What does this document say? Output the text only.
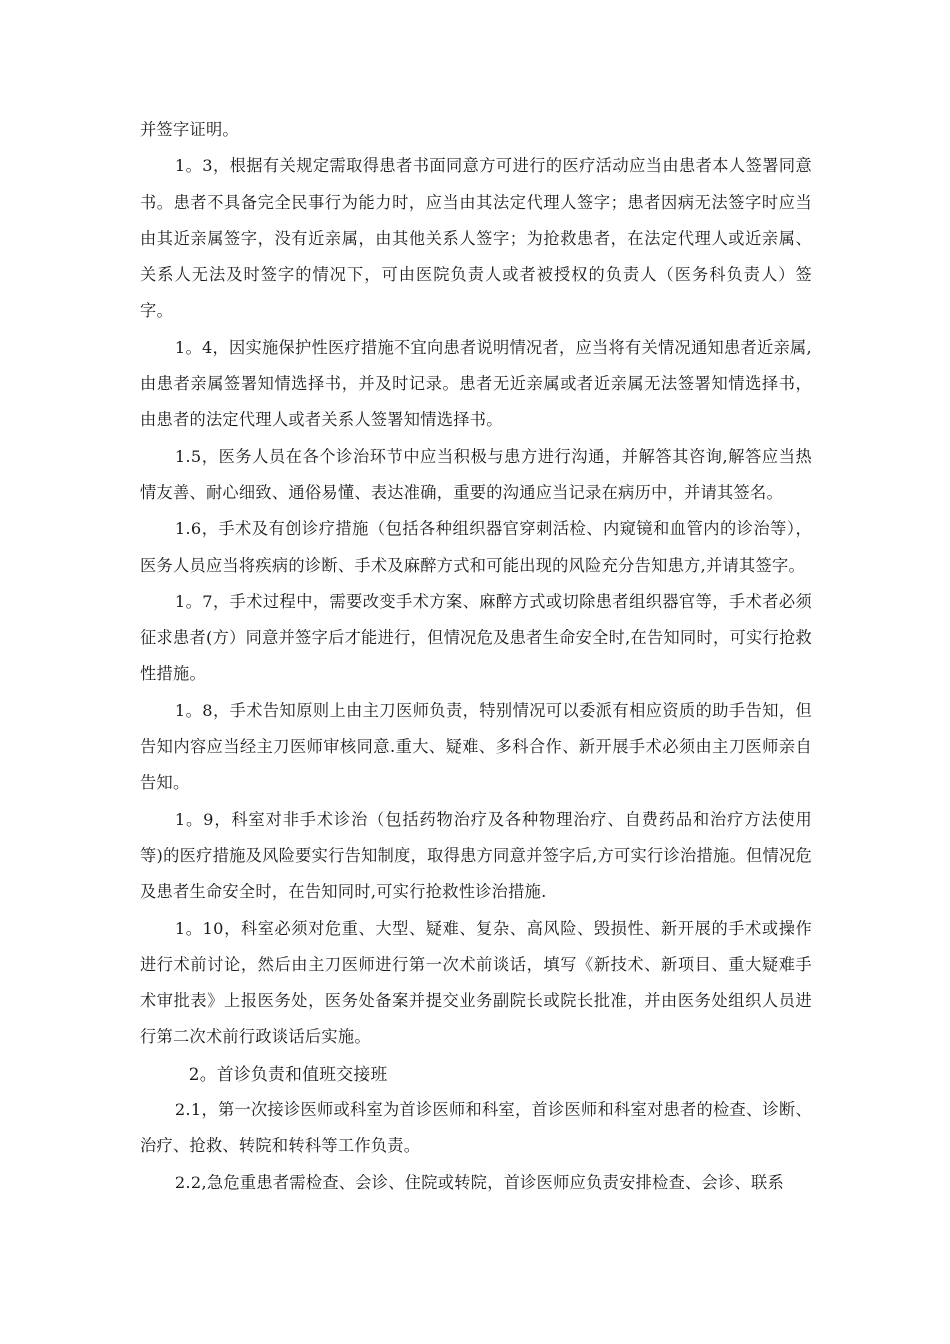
并签字证明。

1。3，根据有关规定需取得患者书面同意方可进行的医疗活动应当由患者本人签署同意书。患者不具备完全民事行为能力时，应当由其法定代理人签字；患者因病无法签字时应当由其近亲属签字，没有近亲属，由其他关系人签字；为抢救患者，在法定代理人或近亲属、关系人无法及时签字的情况下，可由医院负责人或者被授权的负责人（医务科负责人）签字。

1。4，因实施保护性医疗措施不宜向患者说明情况者，应当将有关情况通知患者近亲属,由患者亲属签署知情选择书，并及时记录。患者无近亲属或者近亲属无法签署知情选择书，由患者的法定代理人或者关系人签署知情选择书。

1.5，医务人员在各个诊治环节中应当积极与患方进行沟通，并解答其咨询,解答应当热情友善、耐心细致、通俗易懂、表达准确，重要的沟通应当记录在病历中，并请其签名。

1.6，手术及有创诊疗措施（包括各种组织器官穿刺活检、内窥镜和血管内的诊治等），医务人员应当将疾病的诊断、手术及麻醉方式和可能出现的风险充分告知患方,并请其签字。

1。7，手术过程中，需要改变手术方案、麻醉方式或切除患者组织器官等，手术者必须征求患者(方）同意并签字后才能进行，但情况危及患者生命安全时,在告知同时，可实行抢救性措施。

1。8，手术告知原则上由主刀医师负责，特别情况可以委派有相应资质的助手告知，但告知内容应当经主刀医师审核同意.重大、疑难、多科合作、新开展手术必须由主刀医师亲自告知。

1。9，科室对非手术诊治（包括药物治疗及各种物理治疗、自费药品和治疗方法使用等)的医疗措施及风险要实行告知制度，取得患方同意并签字后,方可实行诊治措施。但情况危及患者生命安全时，在告知同时,可实行抢救性诊治措施.

1。10，科室必须对危重、大型、疑难、复杂、高风险、毁损性、新开展的手术或操作进行术前讨论，然后由主刀医师进行第一次术前谈话，填写《新技术、新项目、重大疑难手术审批表》上报医务处，医务处备案并提交业务副院长或院长批准，并由医务处组织人员进行第二次术前行政谈话后实施。

2。首诊负责和值班交接班

2.1，第一次接诊医师或科室为首诊医师和科室，首诊医师和科室对患者的检查、诊断、治疗、抢救、转院和转科等工作负责。

2.2,急危重患者需检查、会诊、住院或转院，首诊医师应负责安排检查、会诊、联系
